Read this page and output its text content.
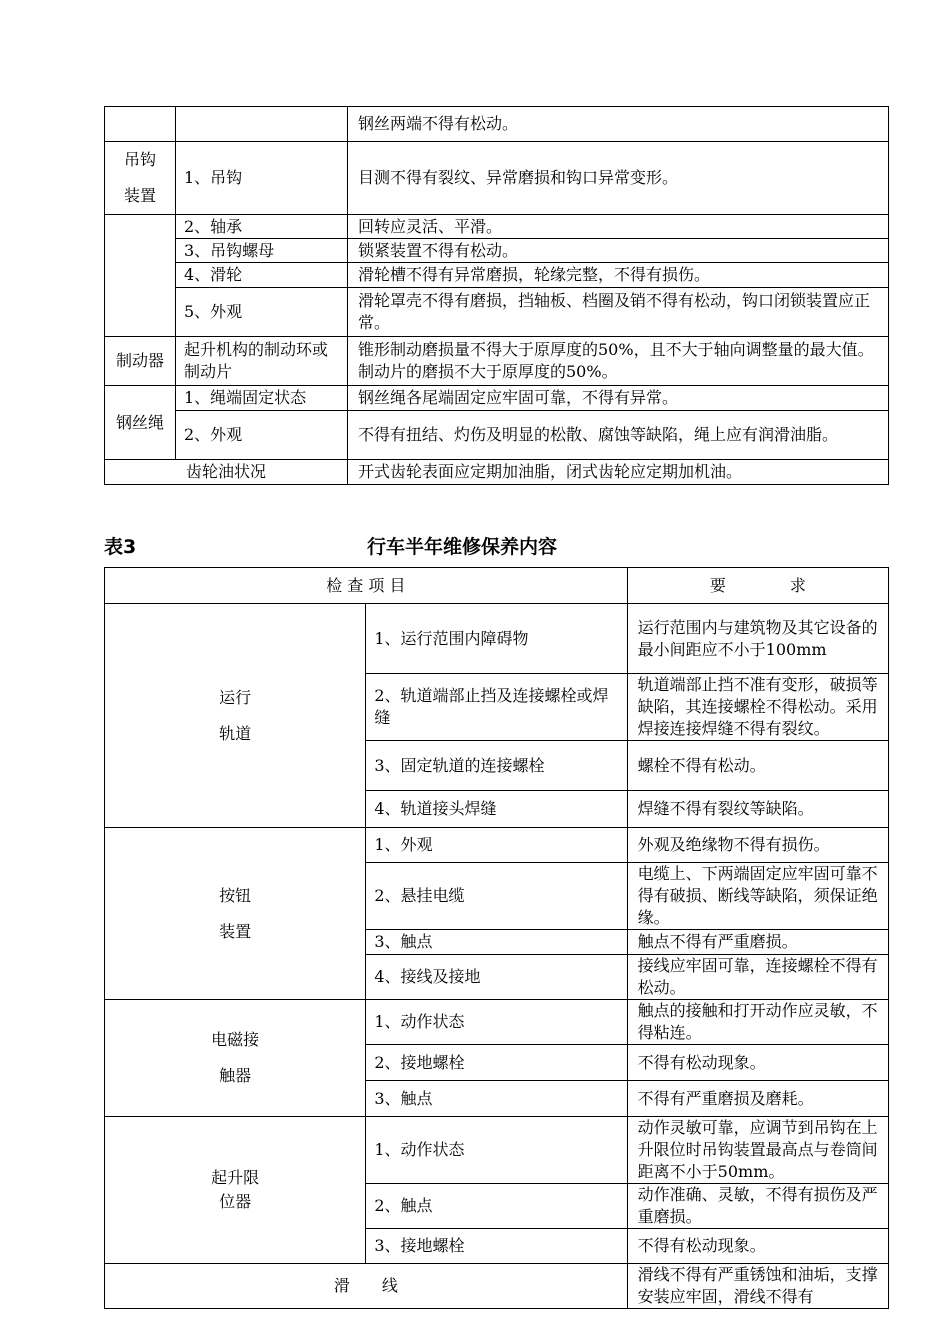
		钢丝两端不得有松动。

吊钩
装置	1、吊钩	目测不得有裂纹、异常磨损和钩口异常变形。
	2、轴承	回转应灵活、平滑。
	3、吊钩螺母	锁紧装置不得有松动。
	4、滑轮	滑轮槽不得有异常磨损，轮缘完整，不得有损伤。
	5、外观	滑轮罩壳不得有磨损，挡轴板、档圈及销不得有松动，钩口闭锁装置应正常。
制动器	起升机构的制动环或制动片	锥形制动磨损量不得大于原厚度的50%，且不大于轴向调整量的最大值。制动片的磨损不大于原厚度的50%。
钢丝绳	1、绳端固定状态	钢丝绳各尾端固定应牢固可靠，不得有异常。
	2、外观	不得有扭结、灼伤及明显的松散、腐蚀等缺陷，绳上应有润滑油脂。
齿轮油状况		开式齿轮表面应定期加油脂，闭式齿轮应定期加机油。
表3	行车半年维修保养内容
检 查 项 目		要　　　　求

运行
轨道	1、运行范围内障碍物	运行范围内与建筑物及其它设备的最小间距应不小于100mm
	2、轨道端部止挡及连接螺栓或焊缝	轨道端部止挡不准有变形，破损等缺陷，其连接螺栓不得松动。采用焊接连接焊缝不得有裂纹。
	3、固定轨道的连接螺栓	螺栓不得有松动。
	4、轨道接头焊缝	焊缝不得有裂纹等缺陷。

按钮
装置	1、外观	外观及绝缘物不得有损伤。
	2、悬挂电缆	电缆上、下两端固定应牢固可靠不得有破损、断线等缺陷，须保证绝缘。
	3、触点	触点不得有严重磨损。
	4、接线及接地	接线应牢固可靠，连接螺栓不得有松动。

电磁接
触器	1、动作状态	触点的接触和打开动作应灵敏，不得粘连。
	2、接地螺栓	不得有松动现象。
	3、触点	不得有严重磨损及磨耗。

起升限
位器	1、动作状态	动作灵敏可靠，应调节到吊钩在上升限位时吊钩装置最高点与卷筒间距离不小于50mm。
	2、触点	动作准确、灵敏，不得有损伤及严重磨损。
	3、接地螺栓	不得有松动现象。
滑　　线		滑线不得有严重锈蚀和油垢，支撑安装应牢固，滑线不得有
